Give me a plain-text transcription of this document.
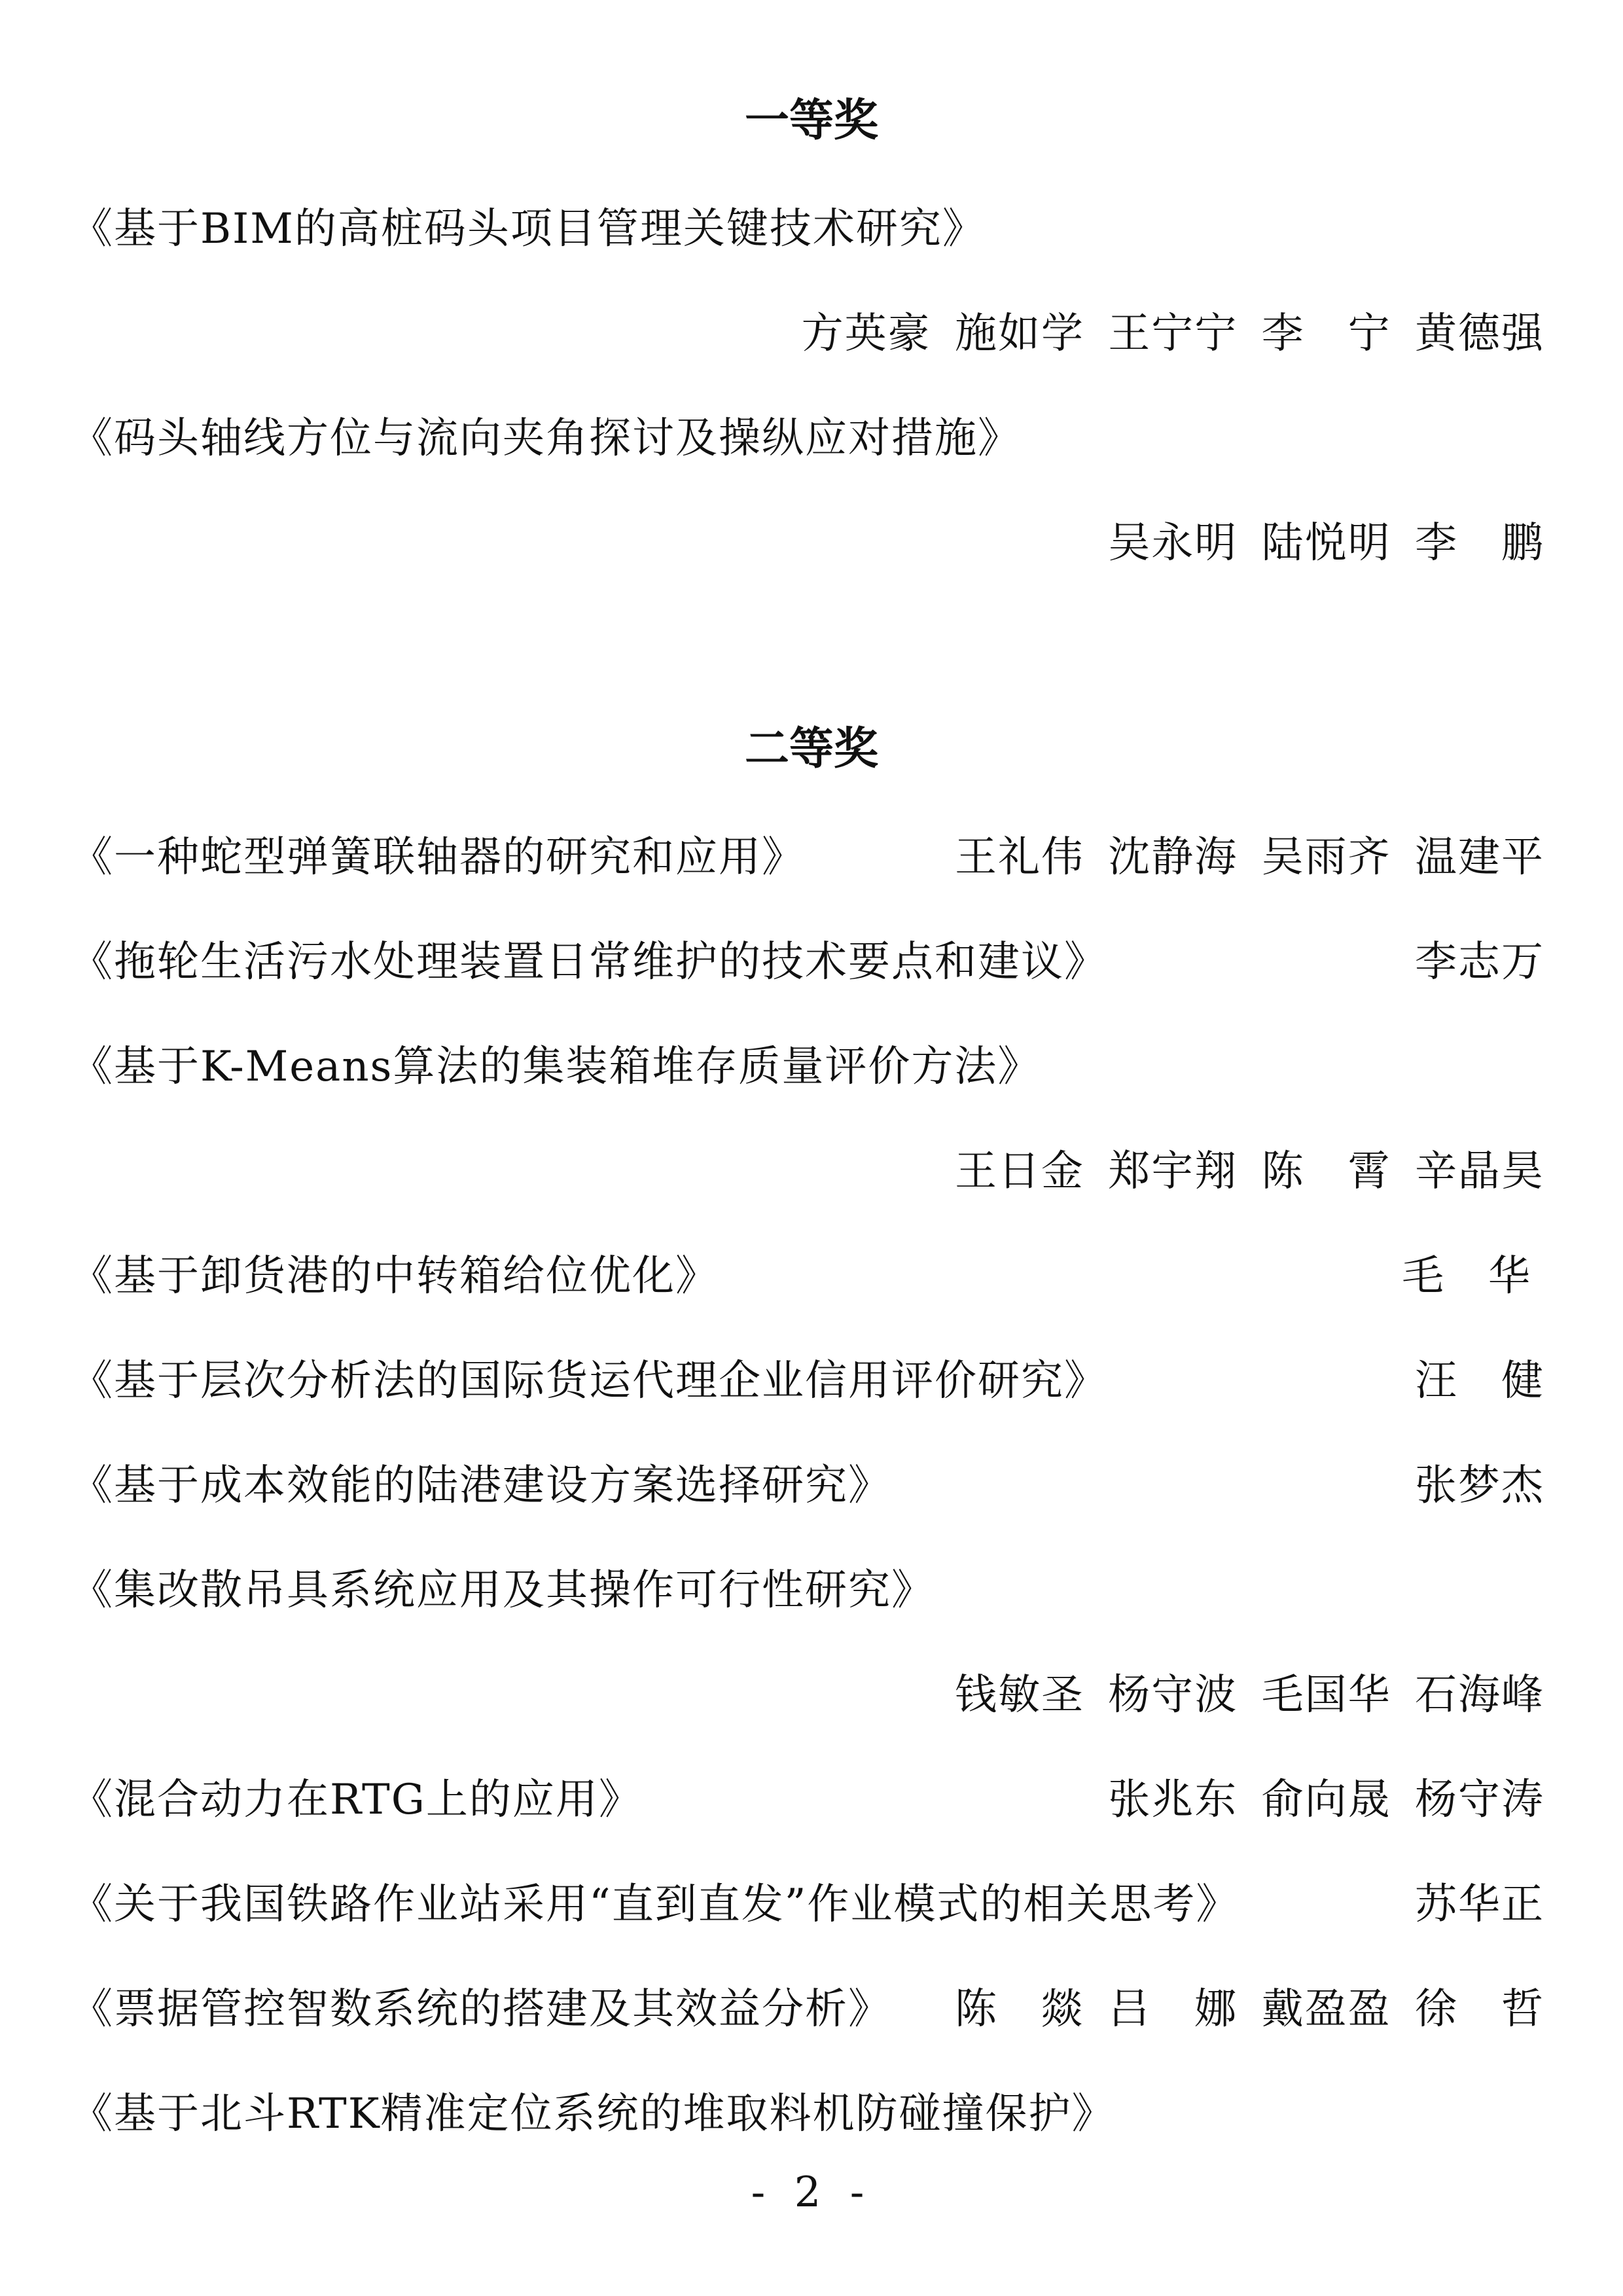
一等奖
《基于BIM的高桩码头项目管理关键技术研究》
方英豪 施如学 王宁宁 李　宁 黄德强
《码头轴线方位与流向夹角探讨及操纵应对措施》
吴永明 陆悦明 李　鹏
二等奖
《一种蛇型弹簧联轴器的研究和应用》	王礼伟 沈静海 吴雨齐 温建平
《拖轮生活污水处理装置日常维护的技术要点和建议》	李志万
《基于K-Means算法的集装箱堆存质量评价方法》
王日金 郑宇翔 陈　霄 辛晶昊
《基于卸货港的中转箱给位优化》	毛　华
《基于层次分析法的国际货运代理企业信用评价研究》	汪　健
《基于成本效能的陆港建设方案选择研究》	张梦杰
《集改散吊具系统应用及其操作可行性研究》
钱敏圣 杨守波 毛国华 石海峰
《混合动力在RTG上的应用》	张兆东 俞向晟 杨守涛
《关于我国铁路作业站采用“直到直发”作业模式的相关思考》	苏华正
《票据管控智数系统的搭建及其效益分析》 陈　燚 吕　娜 戴盈盈 徐　哲
《基于北斗RTK精准定位系统的堆取料机防碰撞保护》
- 2 -
